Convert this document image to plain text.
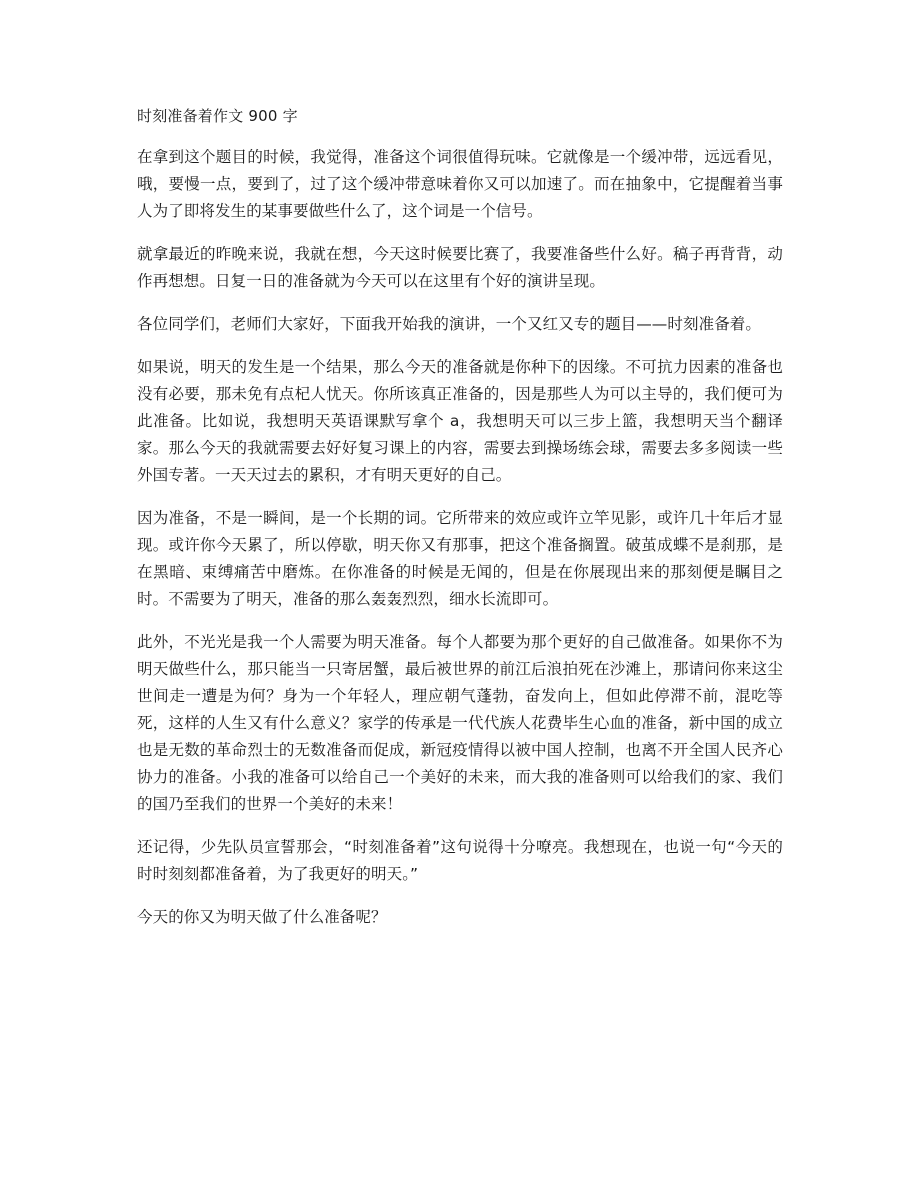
时刻准备着作文 900 字

在拿到这个题目的时候，我觉得，准备这个词很值得玩味。它就像是一个缓冲带，远远看见，哦，要慢一点，要到了，过了这个缓冲带意味着你又可以加速了。而在抽象中，它提醒着当事人为了即将发生的某事要做些什么了，这个词是一个信号。

就拿最近的昨晚来说，我就在想，今天这时候要比赛了，我要准备些什么好。稿子再背背，动作再想想。日复一日的准备就为今天可以在这里有个好的演讲呈现。

各位同学们，老师们大家好，下面我开始我的演讲，一个又红又专的题目——时刻准备着。

如果说，明天的发生是一个结果，那么今天的准备就是你种下的因缘。不可抗力因素的准备也没有必要，那未免有点杞人忧天。你所该真正准备的，因是那些人为可以主导的，我们便可为此准备。比如说，我想明天英语课默写拿个 a，我想明天可以三步上篮，我想明天当个翻译家。那么今天的我就需要去好好复习课上的内容，需要去到操场练会球，需要去多多阅读一些外国专著。一天天过去的累积，才有明天更好的自己。

因为准备，不是一瞬间，是一个长期的词。它所带来的效应或许立竿见影，或许几十年后才显现。或许你今天累了，所以停歇，明天你又有那事，把这个准备搁置。破茧成蝶不是刹那，是在黑暗、束缚痛苦中磨炼。在你准备的时候是无闻的，但是在你展现出来的那刻便是瞩目之时。不需要为了明天，准备的那么轰轰烈烈，细水长流即可。

此外，不光光是我一个人需要为明天准备。每个人都要为那个更好的自己做准备。如果你不为明天做些什么，那只能当一只寄居蟹，最后被世界的前江后浪拍死在沙滩上，那请问你来这尘世间走一遭是为何？身为一个年轻人，理应朝气蓬勃，奋发向上，但如此停滞不前，混吃等死，这样的人生又有什么意义？家学的传承是一代代族人花费毕生心血的准备，新中国的成立也是无数的革命烈士的无数准备而促成，新冠疫情得以被中国人控制，也离不开全国人民齐心协力的准备。小我的准备可以给自己一个美好的未来，而大我的准备则可以给我们的家、我们的国乃至我们的世界一个美好的未来！

还记得，少先队员宣誓那会，“时刻准备着”这句说得十分嘹亮。我想现在，也说一句“今天的时时刻刻都准备着，为了我更好的明天。”

今天的你又为明天做了什么准备呢？
